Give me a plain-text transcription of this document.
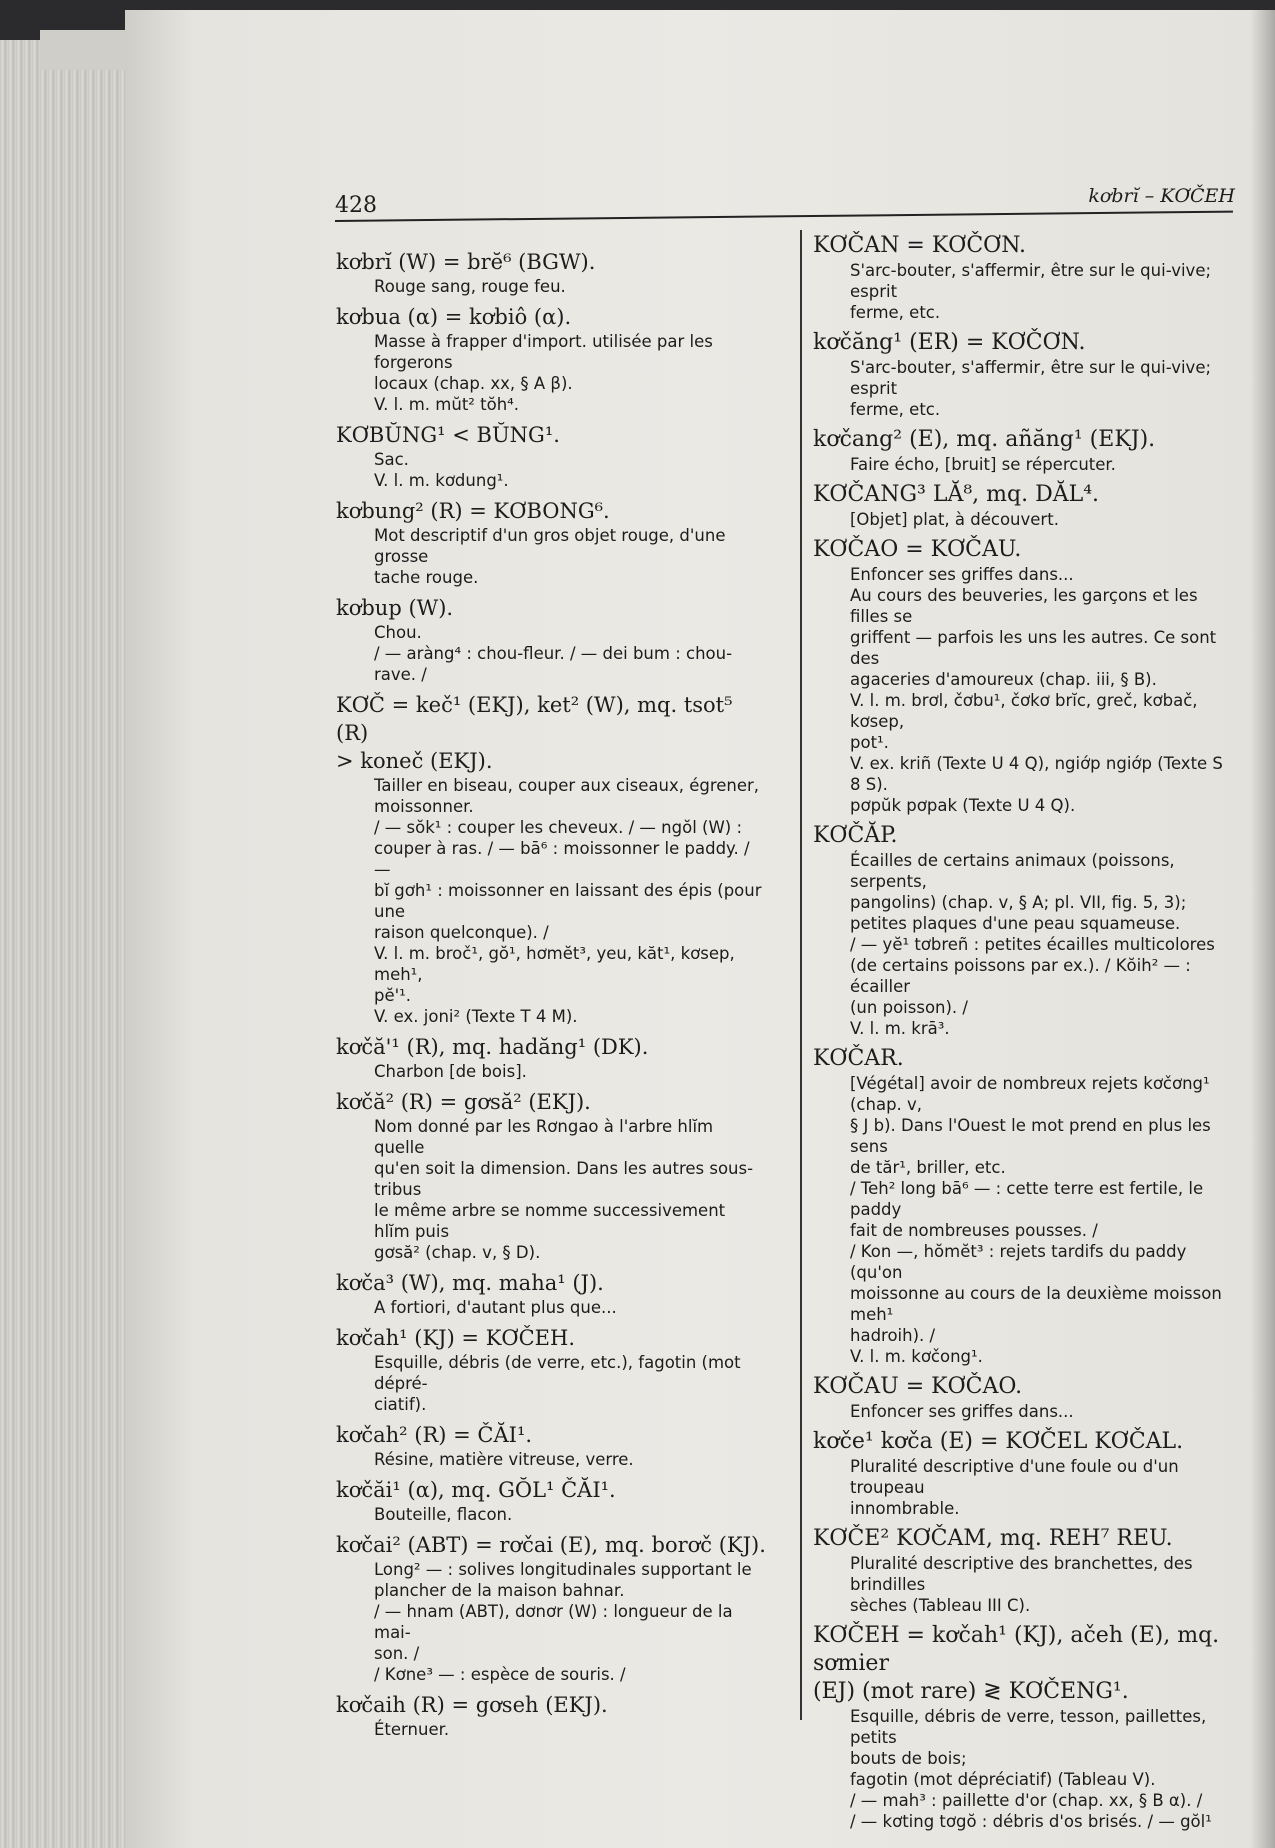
428	kơbrĭ – KƠČEH

kơbrĭ (W) = brĕ⁶ (BGW).

Rouge sang, rouge feu.

kơbua (α) = kơbiô (α).

Masse à frapper d'import. utilisée par les forgerons
locaux (chap. xx, § A β).
V. l. m. mŭt² tŏh⁴.

KƠBŬNG¹ < BŬNG¹.

Sac.
V. l. m. kơdung¹.

kơbung² (R) = KƠBONG⁶.

Mot descriptif d'un gros objet rouge, d'une grosse
tache rouge.

kơbup (W).

Chou.
/ — aràng⁴ : chou-fleur. / — dei bum : chou-rave. /

KƠČ = keč¹ (EKJ), ket² (W), mq. tsot⁵ (R)
> koneč (EKJ).

Tailler en biseau, couper aux ciseaux, égrener,
moissonner.
/ — sŏk¹ : couper les cheveux. / — ngŏl (W) :
couper à ras. / — bā⁶ : moissonner le paddy. / —
bĭ gơh¹ : moissonner en laissant des épis (pour une
raison quelconque). /
V. l. m. broč¹, gŏ¹, hơmĕt³, yeu, kăt¹, kơsep, meh¹,
pĕ'¹.
V. ex. joni² (Texte T 4 M).

kơčă'¹ (R), mq. hadăng¹ (DK).

Charbon [de bois].

kơčă² (R) = gơsă² (EKJ).

Nom donné par les Rơngao à l'arbre hlĭm quelle
qu'en soit la dimension. Dans les autres sous-tribus
le même arbre se nomme successivement hlĭm puis
gơsă² (chap. v, § D).

kơča³ (W), mq. maha¹ (J).

A fortiori, d'autant plus que...

kơčah¹ (KJ) = KƠČEH.

Esquille, débris (de verre, etc.), fagotin (mot dépré-
ciatif).

kơčah² (R) = ČĂI¹.

Résine, matière vitreuse, verre.

kơčăi¹ (α), mq. GŎL¹ ČĂI¹.

Bouteille, flacon.

kơčai² (ABT) = rơčai (E), mq. borơč (KJ).

Long² — : solives longitudinales supportant le
plancher de la maison bahnar.
/ — hnam (ABT), dơnơr (W) : longueur de la mai-
son. /
/ Kơne³ — : espèce de souris. /

kơčaih (R) = gơseh (EKJ).

Éternuer.

KƠČAN = KƠČƠN.

S'arc-bouter, s'affermir, être sur le qui-vive; esprit
ferme, etc.

kơčăng¹ (ER) = KƠČƠN.

S'arc-bouter, s'affermir, être sur le qui-vive; esprit
ferme, etc.

kơčang² (E), mq. añăng¹ (EKJ).

Faire écho, [bruit] se répercuter.

KƠČANG³ LĂ⁸, mq. DĂL⁴.

[Objet] plat, à découvert.

KƠČAO = KƠČAU.

Enfoncer ses griffes dans...
Au cours des beuveries, les garçons et les filles se
griffent — parfois les uns les autres. Ce sont des
agaceries d'amoureux (chap. iii, § B).
V. l. m. brơl, čơbu¹, čơkơ brĭc, greč, kơbač, kơsep,
pot¹.
V. ex. kriñ (Texte U 4 Q), ngiớp ngiớp (Texte S 8 S).
pơpŭk pơpak (Texte U 4 Q).

KƠČĂP.

Écailles de certains animaux (poissons, serpents,
pangolins) (chap. v, § A; pl. VII, fig. 5, 3);
petites plaques d'une peau squameuse.
/ — yĕ¹ tơbreñ : petites écailles multicolores
(de certains poissons par ex.). / Kŏih² — : écailler
(un poisson). /
V. l. m. krā³.

KƠČAR.

[Végétal] avoir de nombreux rejets kơčơng¹ (chap. v,
§ J b). Dans l'Ouest le mot prend en plus les sens
de tăr¹, briller, etc.
/ Teh² long bā⁶ — : cette terre est fertile, le paddy
fait de nombreuses pousses. /
/ Kon —, hŏmĕt³ : rejets tardifs du paddy (qu'on
moissonne au cours de la deuxième moisson meh¹
hadroih). /
V. l. m. kơčong¹.

KƠČAU = KƠČAO.

Enfoncer ses griffes dans...

kơče¹ kơča (E) = KƠČEL KƠČAL.

Pluralité descriptive d'une foule ou d'un troupeau
innombrable.

KƠČE² KƠČAM, mq. REH⁷ REU.

Pluralité descriptive des branchettes, des brindilles
sèches (Tableau III C).

KƠČEH = kơčah¹ (KJ), ačeh (E), mq. sơmier
(EJ) (mot rare) ≷ KƠČENG¹.

Esquille, débris de verre, tesson, paillettes, petits
bouts de bois;
fagotin (mot dépréciatif) (Tableau V).
/ — mah³ : paillette d'or (chap. xx, § B α). /
/ — kơting tơgŏ : débris d'os brisés. / — gŏl¹
